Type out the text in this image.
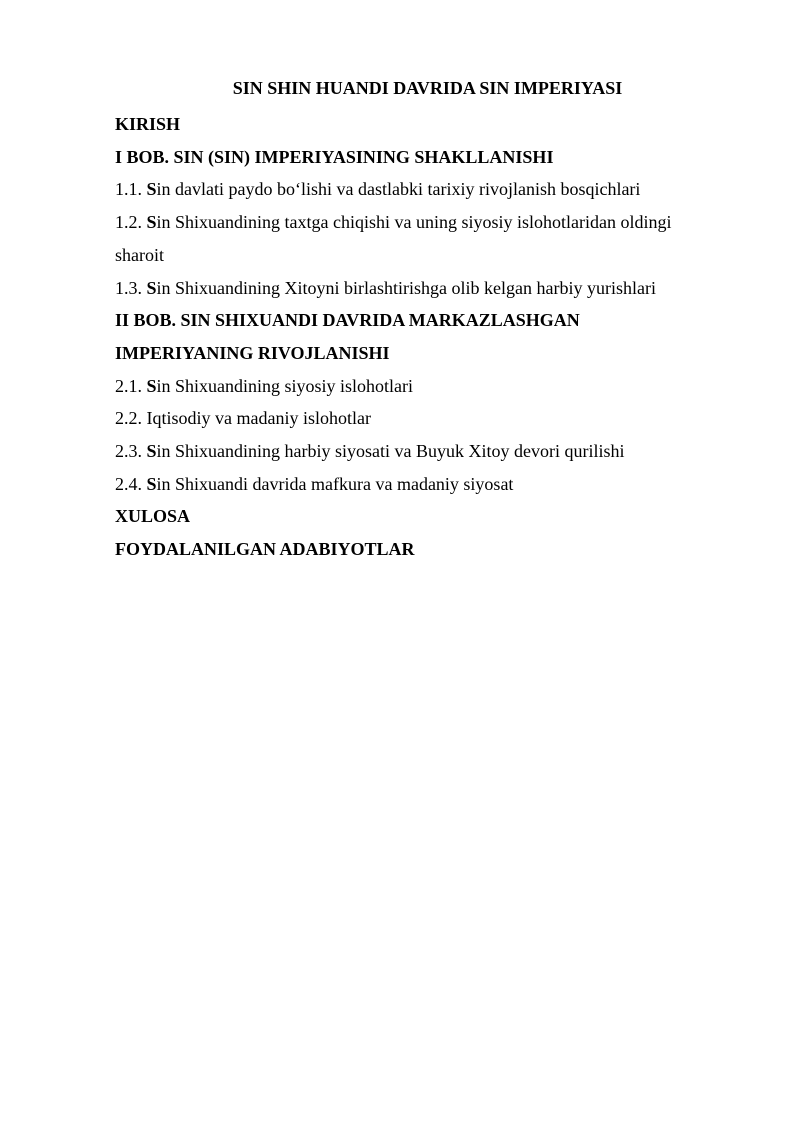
SIN SHIN HUANDI DAVRIDA SIN IMPERIYASI
KIRISH
I BOB. SIN (SIN) IMPERIYASINING SHAKLLANISHI
1.1. Sin davlati paydo bo‘lishi va dastlabki tarixiy rivojlanish bosqichlari
1.2. Sin Shixuandining taxtga chiqishi va uning siyosiy islohotlaridan oldingi
sharoit
1.3. Sin Shixuandining Xitoyni birlashtirishga olib kelgan harbiy yurishlari
II BOB. SIN SHIXUANDI DAVRIDA MARKAZLASHGAN
IMPERIYANING RIVOJLANISHI
2.1. Sin Shixuandining siyosiy islohotlari
2.2. Iqtisodiy va madaniy islohotlar
2.3. Sin Shixuandining harbiy siyosati va Buyuk Xitoy devori qurilishi
2.4. Sin Shixuandi davrida mafkura va madaniy siyosat
XULOSA
FOYDALANILGAN ADABIYOTLAR
